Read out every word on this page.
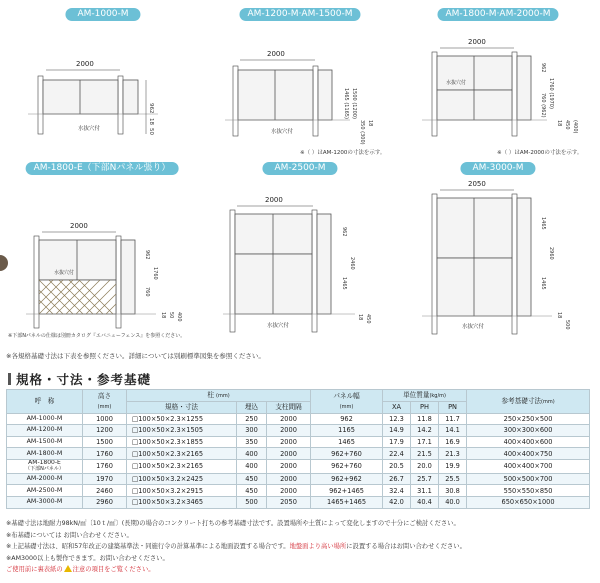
AM-1000-M
2000
水抜穴付
962
18
50
AM-1200-M·AM-1500-M
2000
水抜穴付
1465 (1165) 1500 (1200)
350 (300) 18
※（ ）はAM-1200の寸法を示す。
AM-1800-M·AM-2000-M
2000
水抜穴付
962
760 (962) 1760 (1970)
18 450 (400)
※（ ）はAM-2000の寸法を示す。
AM-1800-E（下部Nパネル張り）
2000
水抜穴付
962
760
1760
18 50 400
※下部Nパネルの仕様は別冊カタログ『エバニューフェンス』を参照ください。
AM-2500-M
2000
水抜穴付
962
1465
2460
18 450
AM-3000-M
2050
水抜穴付
1465
1465
2960
18
500
※各規格基礎寸法は下表を参照ください。詳細については別刷標準図集を参照ください。
規格・寸法・参考基礎
呼　称	高さ
(mm)	柱 (mm)			パネル幅
(mm)	単位質量(kg/m)			参考基礎寸法(mm)
		規格・寸法	埋込	支柱間隔		XA	PH	PN	
AM-1000-M	1000	□100×50×2.3×1255	250	2000	962	12.3	11.8	11.7	250×250×500
AM-1200-M	1200	□100×50×2.3×1505	300	2000	1165	14.9	14.2	14.1	300×300×600
AM-1500-M	1500	□100×50×2.3×1855	350	2000	1465	17.9	17.1	16.9	400×400×600
AM-1800-M	1760	□100×50×2.3×2165	400	2000	962+760	22.4	21.5	21.3	400×400×750
AM-1800-E
（下部Nパネル）	1760	□100×50×2.3×2165	400	2000	962+760	20.5	20.0	19.9	400×400×700
AM-2000-M	1970	□100×50×3.2×2425	450	2000	962+962	26.7	25.7	25.5	500×500×700
AM-2500-M	2460	□100×50×3.2×2915	450	2000	962+1465	32.4	31.1	30.8	550×550×850
AM-3000-M	2960	□100×50×3.2×3465	500	2050	1465+1465	42.0	40.4	40.0	650×650×1000
※基礎寸法は地耐力98kN/㎡〔10ｔ/㎡〕(長期)の場合のコンクリート打ちの参考基礎寸法です。設置場所や土質によって変化しますので十分にご検討ください。
※布基礎については お問い合わせください。
※上記基礎寸法は、昭和57年改正の建築基準法・同施行令の計算基準による地面設置する場合です。地盤面より高い場所に設置する場合はお問い合わせください。
※AM3000以上も製作できます。お問い合わせください。
ご使用前に裏表紙の 注意の項目をご覧ください。
